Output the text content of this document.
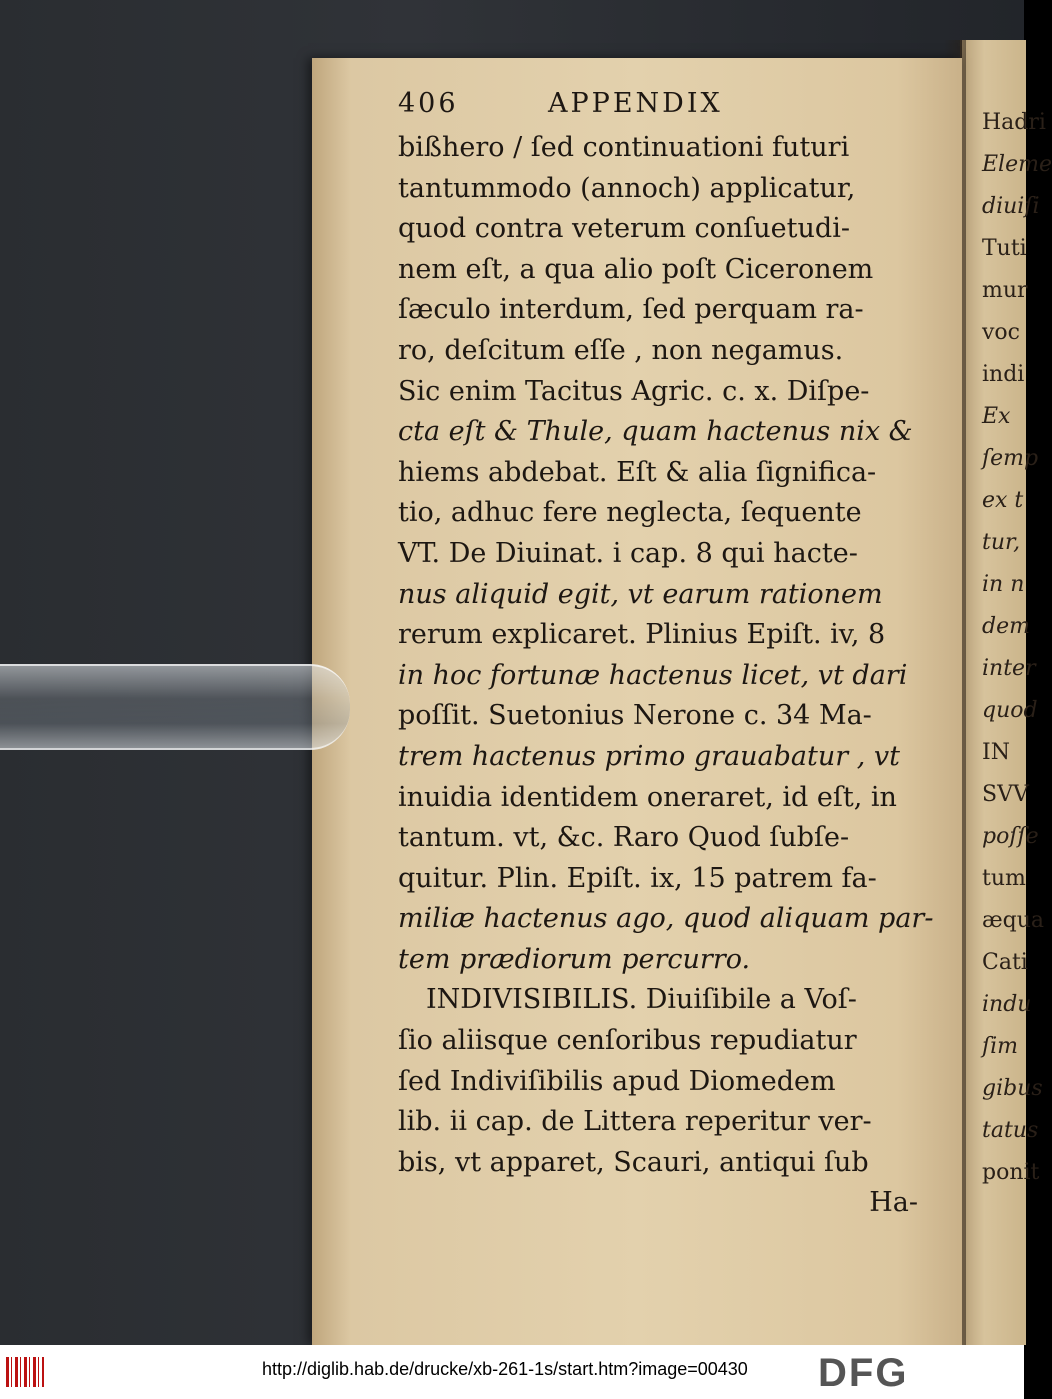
Hadri
Eleme
diuiſi
Tuti
mur
voc
indi
Ex
ſemp
ex t
tur,
in n
dem
inter
quod
IN
SVV
poſſe
tum
æqua
Cati
indu
ſim
gibus
tatus
ponit
406	APPENDIX
bißhero / ſed continuationi futuri
tantummodo (annoch) applicatur,
quod contra veterum conſuetudi-
nem eſt, a qua alio poſt Ciceronem
ſæculo interdum, ſed perquam ra-
ro, deſcitum eſſe , non negamus.
Sic enim Tacitus Agric. c. x. Diſpe-
cta eſt & Thule, quam hactenus nix &
hiems abdebat. Eſt & alia ſignifica-
tio, adhuc fere neglecta, ſequente
VT. De Diuinat. i cap. 8 qui hacte-
nus aliquid egit, vt earum rationem
rerum explicaret. Plinius Epiſt. iv, 8
in hoc fortunæ hactenus licet, vt dari
poſſit. Suetonius Nerone c. 34 Ma-
trem hactenus primo grauabatur , vt
inuidia identidem oneraret, id eſt, in
tantum. vt, &c. Raro Quod ſubſe-
quitur. Plin. Epiſt. ix, 15 patrem fa-
miliæ hactenus ago, quod aliquam par-
tem prædiorum percurro.
INDIVISIBILIS. Diuiſibile a Voſ-
ſio aliisque cenſoribus repudiatur
ſed Indiviſibilis apud Diomedem
lib. ii cap. de Littera reperitur ver-
bis, vt apparet, Scauri, antiqui ſub
Ha-
http://diglib.hab.de/drucke/xb-261-1s/start.htm?image=00430 DFG
